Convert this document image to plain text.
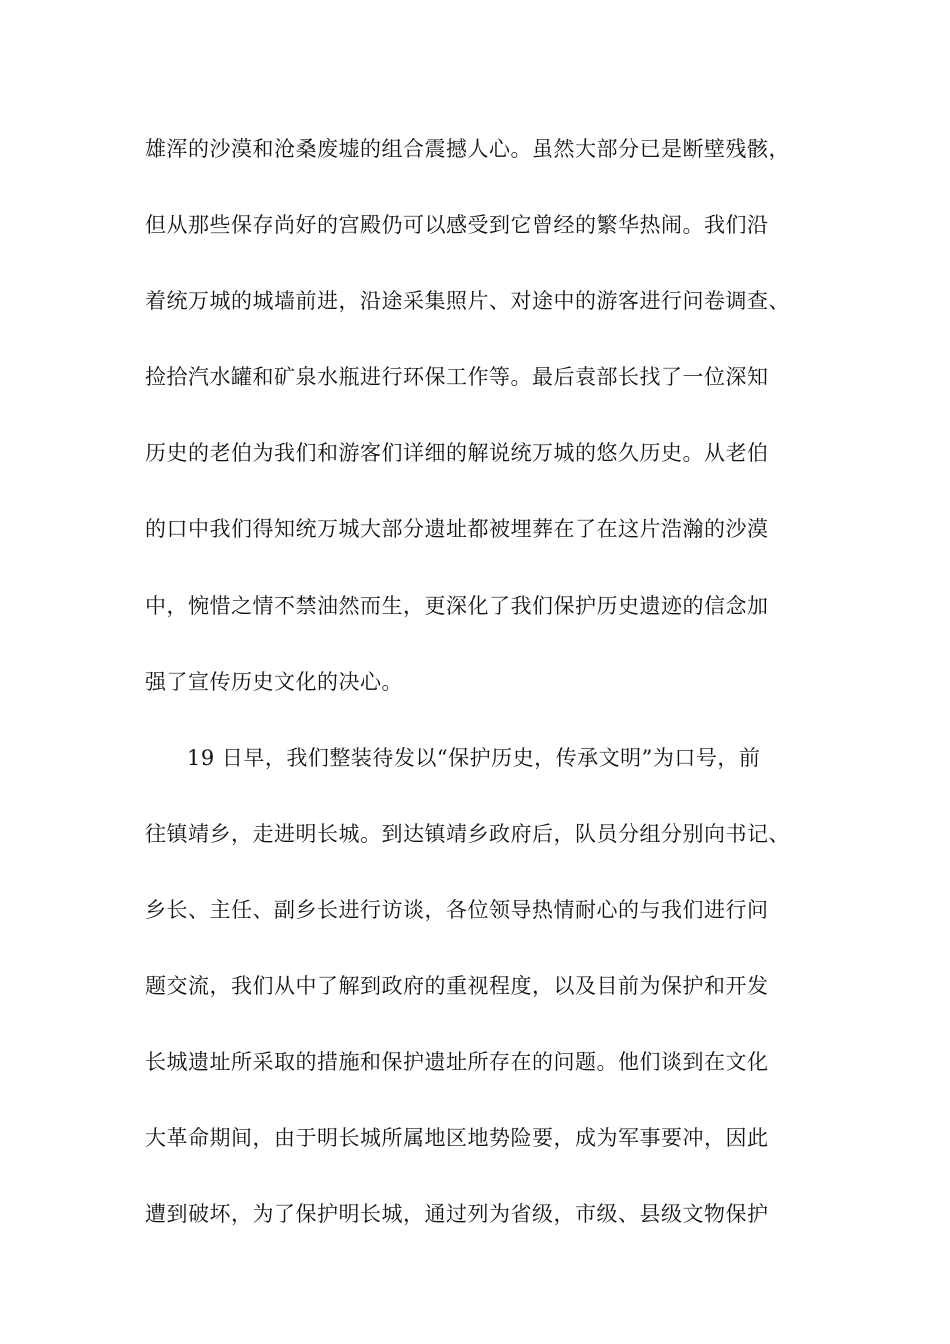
雄浑的沙漠和沧桑废墟的组合震撼人心。虽然大部分已是断壁残骸，
但从那些保存尚好的宫殿仍可以感受到它曾经的繁华热闹。我们沿
着统万城的城墙前进，沿途采集照片、对途中的游客进行问卷调查、
捡拾汽水罐和矿泉水瓶进行环保工作等。最后袁部长找了一位深知
历史的老伯为我们和游客们详细的解说统万城的悠久历史。从老伯
的口中我们得知统万城大部分遗址都被埋葬在了在这片浩瀚的沙漠
中，惋惜之情不禁油然而生，更深化了我们保护历史遗迹的信念加
强了宣传历史文化的决心。
19 日早，我们整装待发以“保护历史，传承文明”为口号，前
往镇靖乡，走进明长城。到达镇靖乡政府后，队员分组分别向书记、
乡长、主任、副乡长进行访谈，各位领导热情耐心的与我们进行问
题交流，我们从中了解到政府的重视程度，以及目前为保护和开发
长城遗址所采取的措施和保护遗址所存在的问题。他们谈到在文化
大革命期间，由于明长城所属地区地势险要，成为军事要冲，因此
遭到破坏，为了保护明长城，通过列为省级，市级、县级文物保护
